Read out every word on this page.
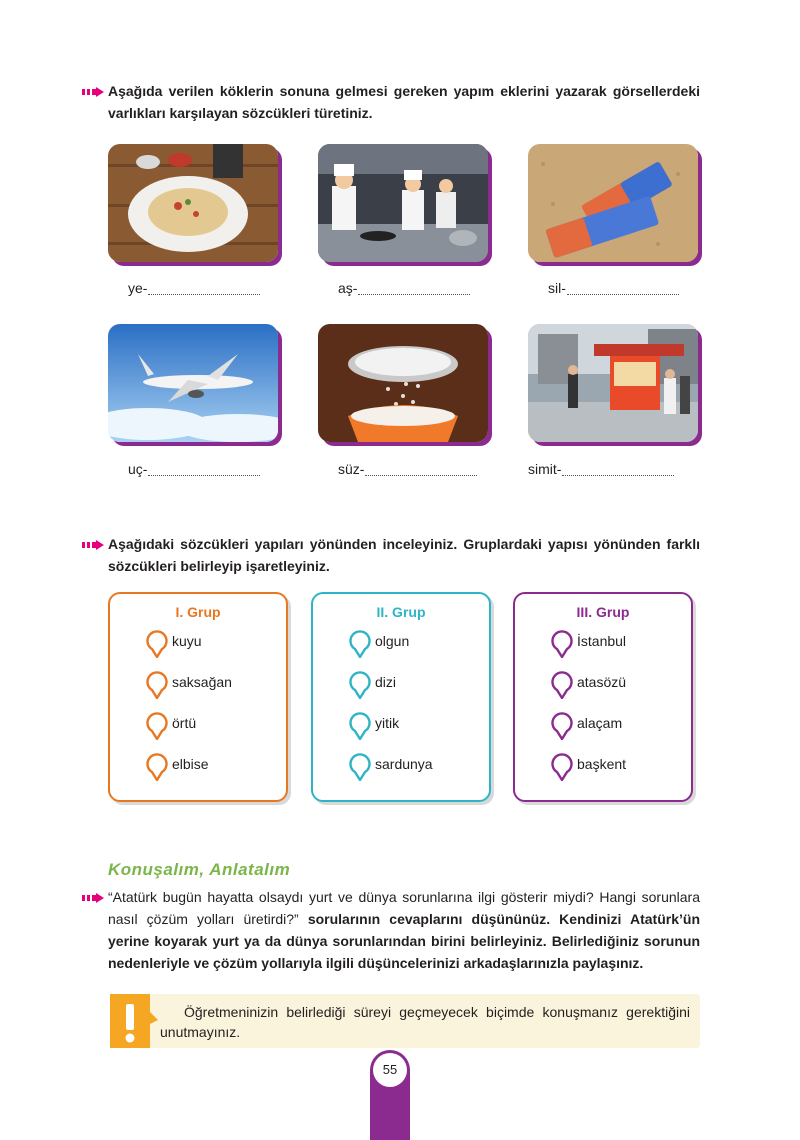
Aşağıda verilen köklerin sonuna gelmesi gereken yapım eklerini yazarak görsellerdeki varlıkları karşılayan sözcükleri türetiniz.
ye-	aş-	sil-
uç-	süz-	simit-
Aşağıdaki sözcükleri yapıları yönünden inceleyiniz. Gruplardaki yapısı yönünden farklı sözcükleri belirleyip işaretleyiniz.
I. Grup
kuyu
saksağan
örtü
elbise
II. Grup
olgun
dizi
yitik
sardunya
III. Grup
İstanbul
atasözü
alaçam
başkent
Konuşalım, Anlatalım
“Atatürk bugün hayatta olsaydı yurt ve dünya sorunlarına ilgi gösterir miydi? Hangi sorunlara nasıl çözüm yolları üretirdi?” sorularının cevaplarını düşününüz. Kendinizi Atatürk’ün yerine koyarak yurt ya da dünya sorunlarından birini belirleyiniz. Belirlediğiniz sorunun nedenleriyle ve çözüm yollarıyla ilgili düşüncelerinizi arkadaşlarınızla paylaşınız.
Öğretmeninizin belirlediği süreyi geçmeyecek biçimde konuşmanız gerektiğini unutmayınız.
55
